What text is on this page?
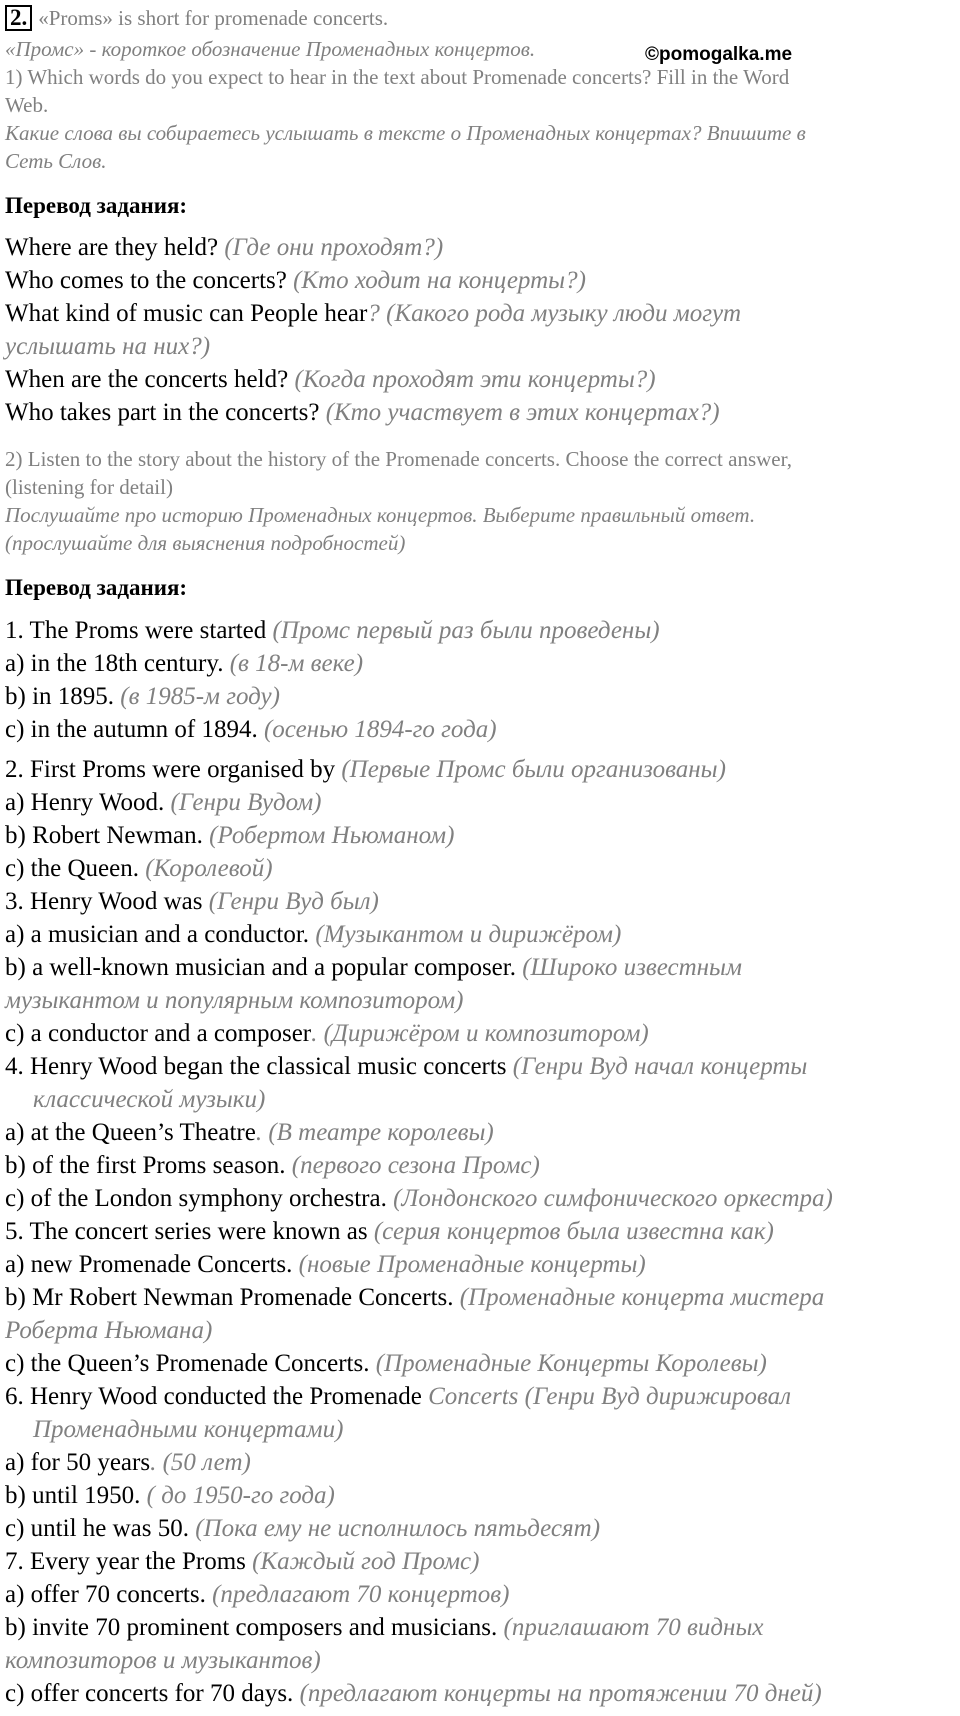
2. «Proms» is short for promenade concerts.
«Промс» - короткое обозначение Променадных концертов.	©pomogalka.me
1) Which words do you expect to hear in the text about Promenade concerts? Fill in the Word
Web.
Какие слова вы собираетесь услышать в тексте о Променадных концертах? Впишите в
Сеть Слов.
Перевод задания:
Where are they held? (Где они проходят?)
Who comes to the concerts? (Кто ходит на концерты?)
What kind of music can People hear? (Какого рода музыку люди могут
услышать на них?)
When are the concerts held? (Когда проходят эти концерты?)
Who takes part in the concerts? (Кто участвует в этих концертах?)
2) Listen to the story about the history of the Promenade concerts. Choose the correct answer,
(listening for detail)
Послушайте про историю Променадных концертов. Выберите правильный ответ.
(прослушайте для выяснения подробностей)
Перевод задания:
1. The Proms were started (Промс первый раз были проведены)
a) in the 18th century. (в 18-м веке)
b) in 1895. (в 1985-м году)
c) in the autumn of 1894. (осенью 1894-го года)
2. First Proms were organised by (Первые Промс были организованы)
a) Henry Wood. (Генри Вудом)
b) Robert Newman. (Робертом Ньюманом)
c) the Queen. (Королевой)
3. Henry Wood was (Генри Вуд был)
a) a musician and a conductor. (Музыкантом и дирижёром)
b) a well-known musician and a popular composer. (Широко известным
музыкантом и популярным композитором)
c) a conductor and a composer. (Дирижёром и композитором)
4. Henry Wood began the classical music concerts (Генри Вуд начал концерты
классической музыки)
a) at the Queen’s Theatre. (В театре королевы)
b) of the first Proms season. (первого сезона Промс)
c) of the London symphony orchestra. (Лондонского симфонического оркестра)
5. The concert series were known as (серия концертов была известна как)
a) new Promenade Concerts. (новые Променадные концерты)
b) Mr Robert Newman Promenade Concerts. (Променадные концерта мистера
Роберта Ньюмана)
c) the Queen’s Promenade Concerts. (Променадные Концерты Королевы)
6. Henry Wood conducted the Promenade Concerts (Генри Вуд дирижировал
Променадными концертами)
a) for 50 years. (50 лет)
b) until 1950. ( до 1950-го года)
c) until he was 50. (Пока ему не исполнилось пятьдесят)
7. Every year the Proms (Каждый год Промс)
a) offer 70 concerts. (предлагают 70 концертов)
b) invite 70 prominent composers and musicians. (приглашают 70 видных
композиторов и музыкантов)
c) offer concerts for 70 days. (предлагают концерты на протяжении 70 дней)
